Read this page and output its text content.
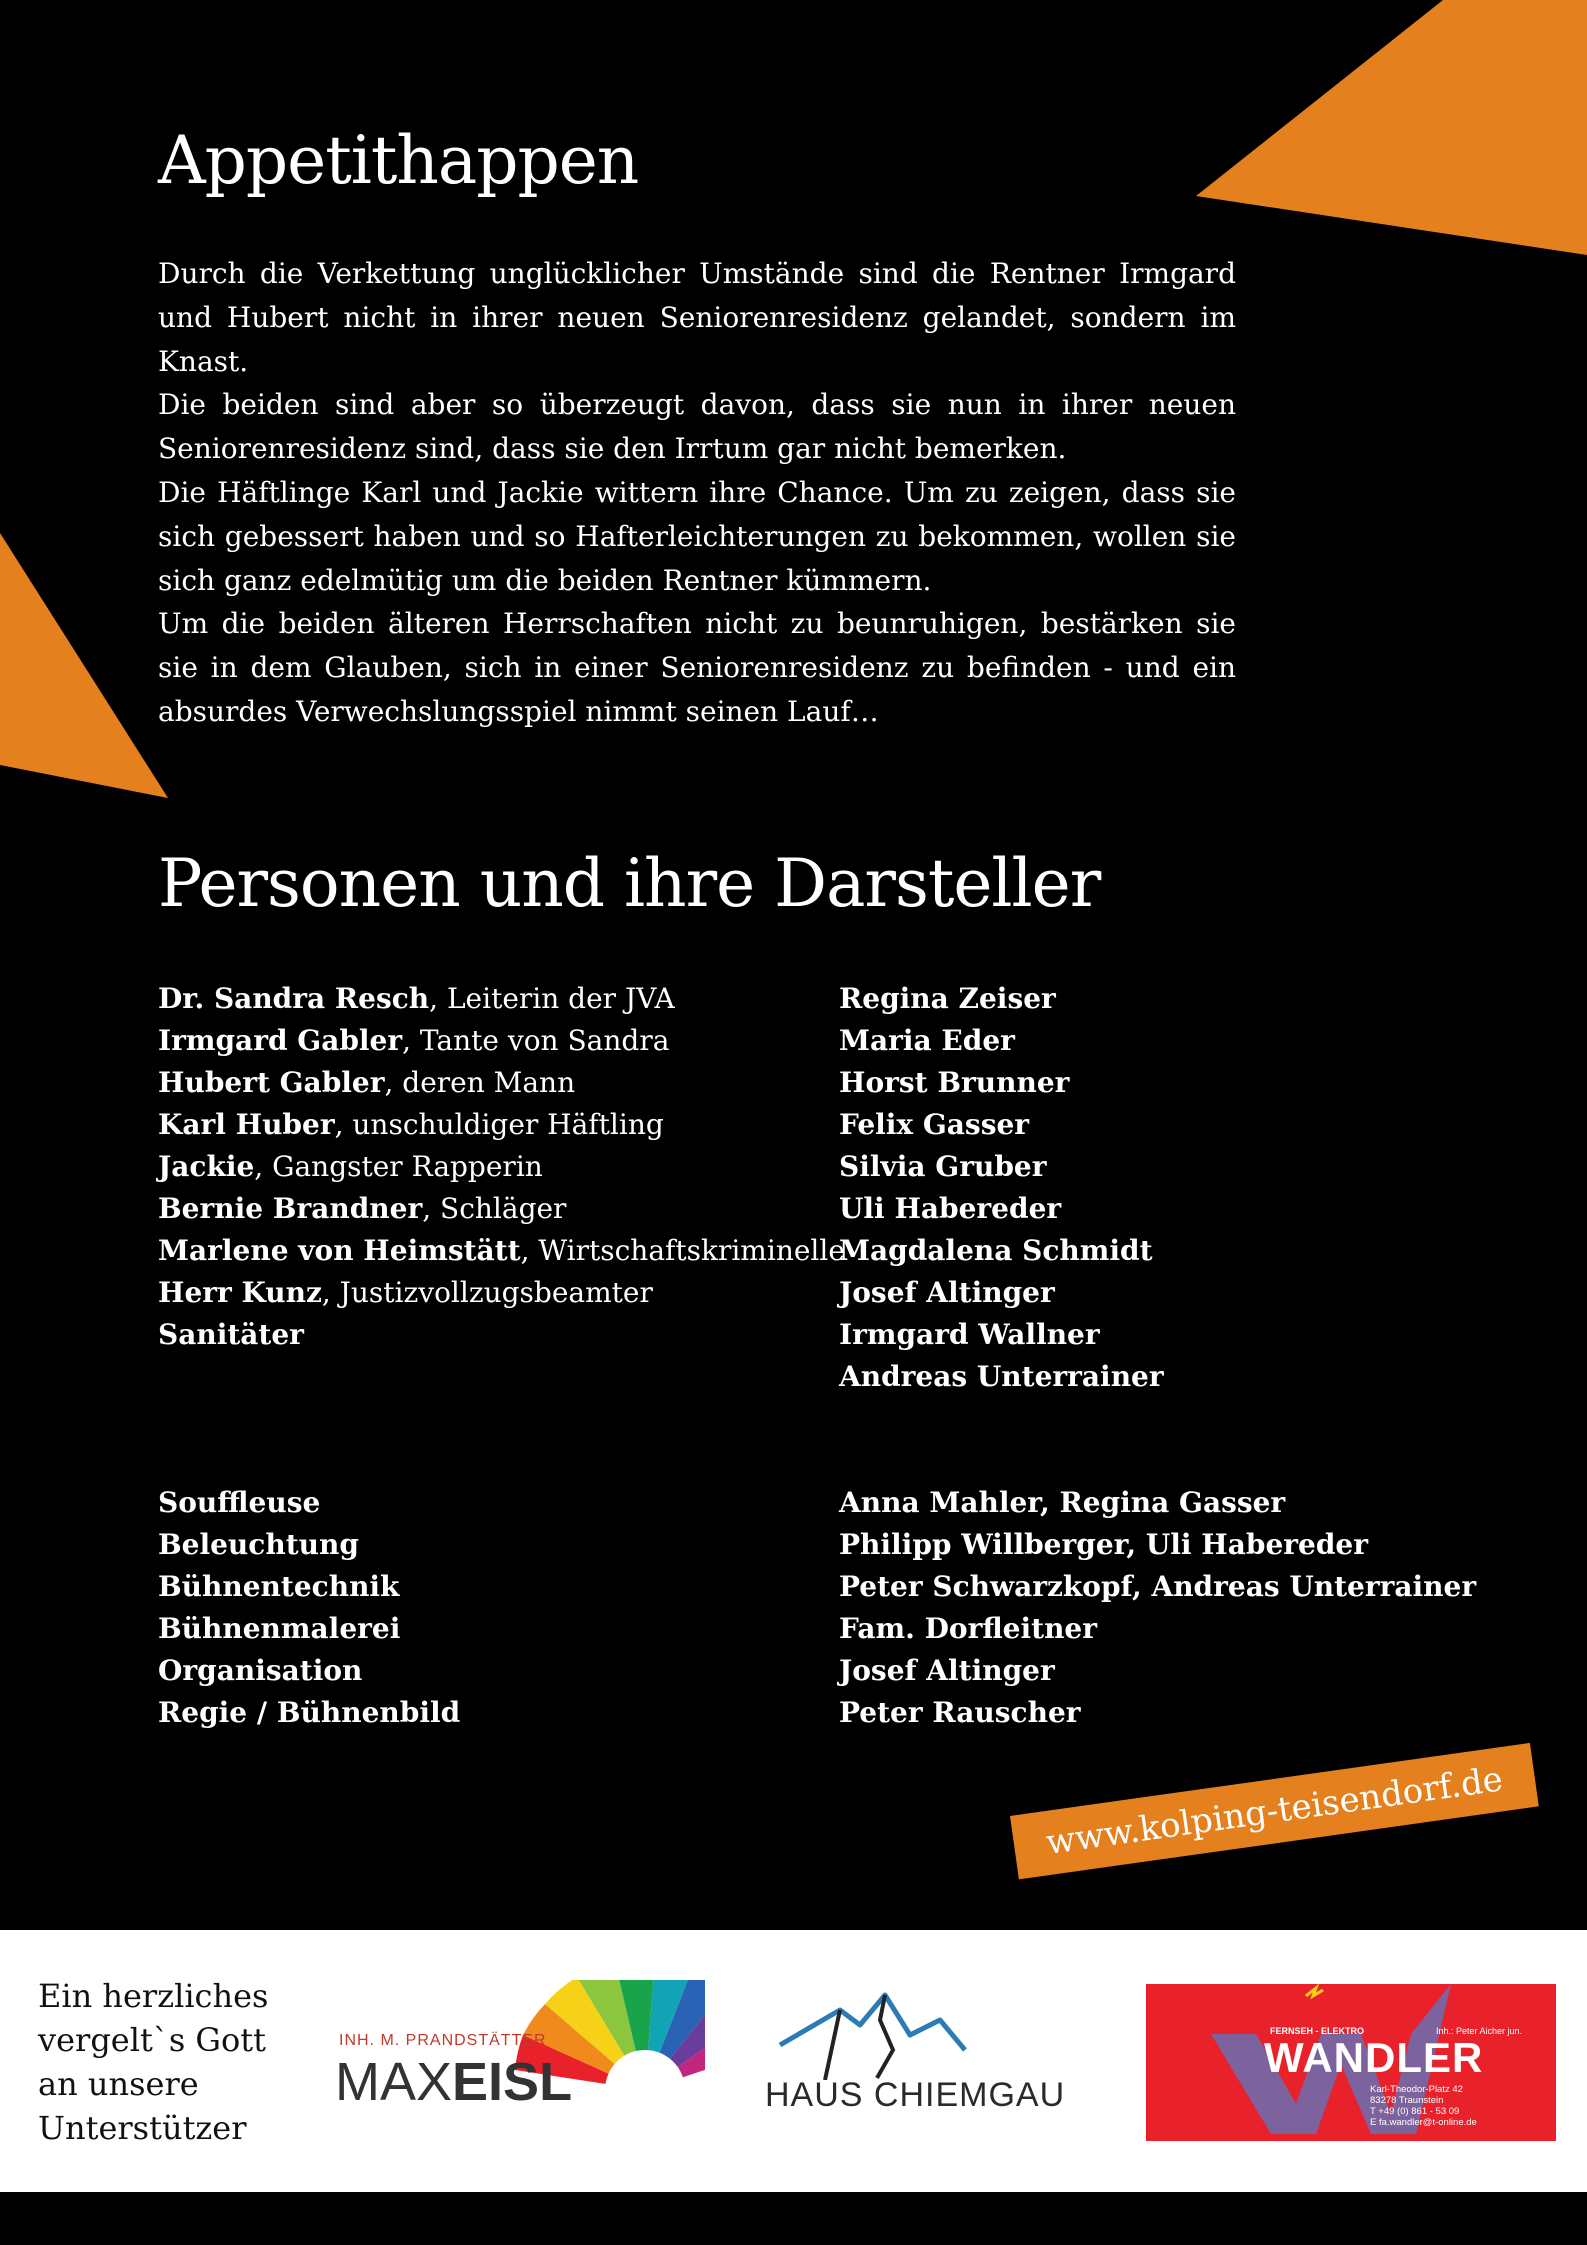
Appetithappen

Durch die Verkettung unglücklicher Umstände sind die Rentner Irmgard und Hubert nicht in ihrer neuen Seniorenresidenz gelandet, sondern im Knast.

Die beiden sind aber so überzeugt davon, dass sie nun in ihrer neuen Seniorenresidenz sind, dass sie den Irrtum gar nicht bemerken.

Die Häftlinge Karl und Jackie wittern ihre Chance. Um zu zeigen, dass sie sich gebessert haben und so Hafterleichterungen zu bekommen, wollen sie sich ganz edelmütig um die beiden Rentner kümmern.

Um die beiden älteren Herrschaften nicht zu beunruhigen, bestärken sie sie in dem Glauben, sich in einer Seniorenresidenz zu befinden - und ein absurdes Verwechslungsspiel nimmt seinen Lauf…

Personen und ihre Darsteller
Dr. Sandra Resch, Leiterin der JVA
Irmgard Gabler, Tante von Sandra
Hubert Gabler, deren Mann
Karl Huber, unschuldiger Häftling
Jackie, Gangster Rapperin
Bernie Brandner, Schläger
Marlene von Heimstätt, Wirtschaftskriminelle
Herr Kunz, Justizvollzugsbeamter
Sanitäter
Regina Zeiser
Maria Eder
Horst Brunner
Felix Gasser
Silvia Gruber
Uli Habereder
Magdalena Schmidt
Josef Altinger
Irmgard Wallner
Andreas Unterrainer
Souffleuse
Beleuchtung
Bühnentechnik
Bühnenmalerei
Organisation
Regie / Bühnenbild
Anna Mahler, Regina Gasser
Philipp Willberger, Uli Habereder
Peter Schwarzkopf, Andreas Unterrainer
Fam. Dorfleitner
Josef Altinger
Peter Rauscher
www.kolping-teisendorf.de
Ein herzliches
vergelt`s Gott
an unsere
Unterstützer
INH. M. PRANDSTÄTTER
MAXEISL	HAUS CHIEMGAU
FERNSEH - ELEKTRO	Inh.: Peter Aicher jun.
WANDLER
Karl-Theodor-Platz 42
83278 Traunstein
T +49 (0) 861 - 53 09
E fa.wandler@t-online.de
